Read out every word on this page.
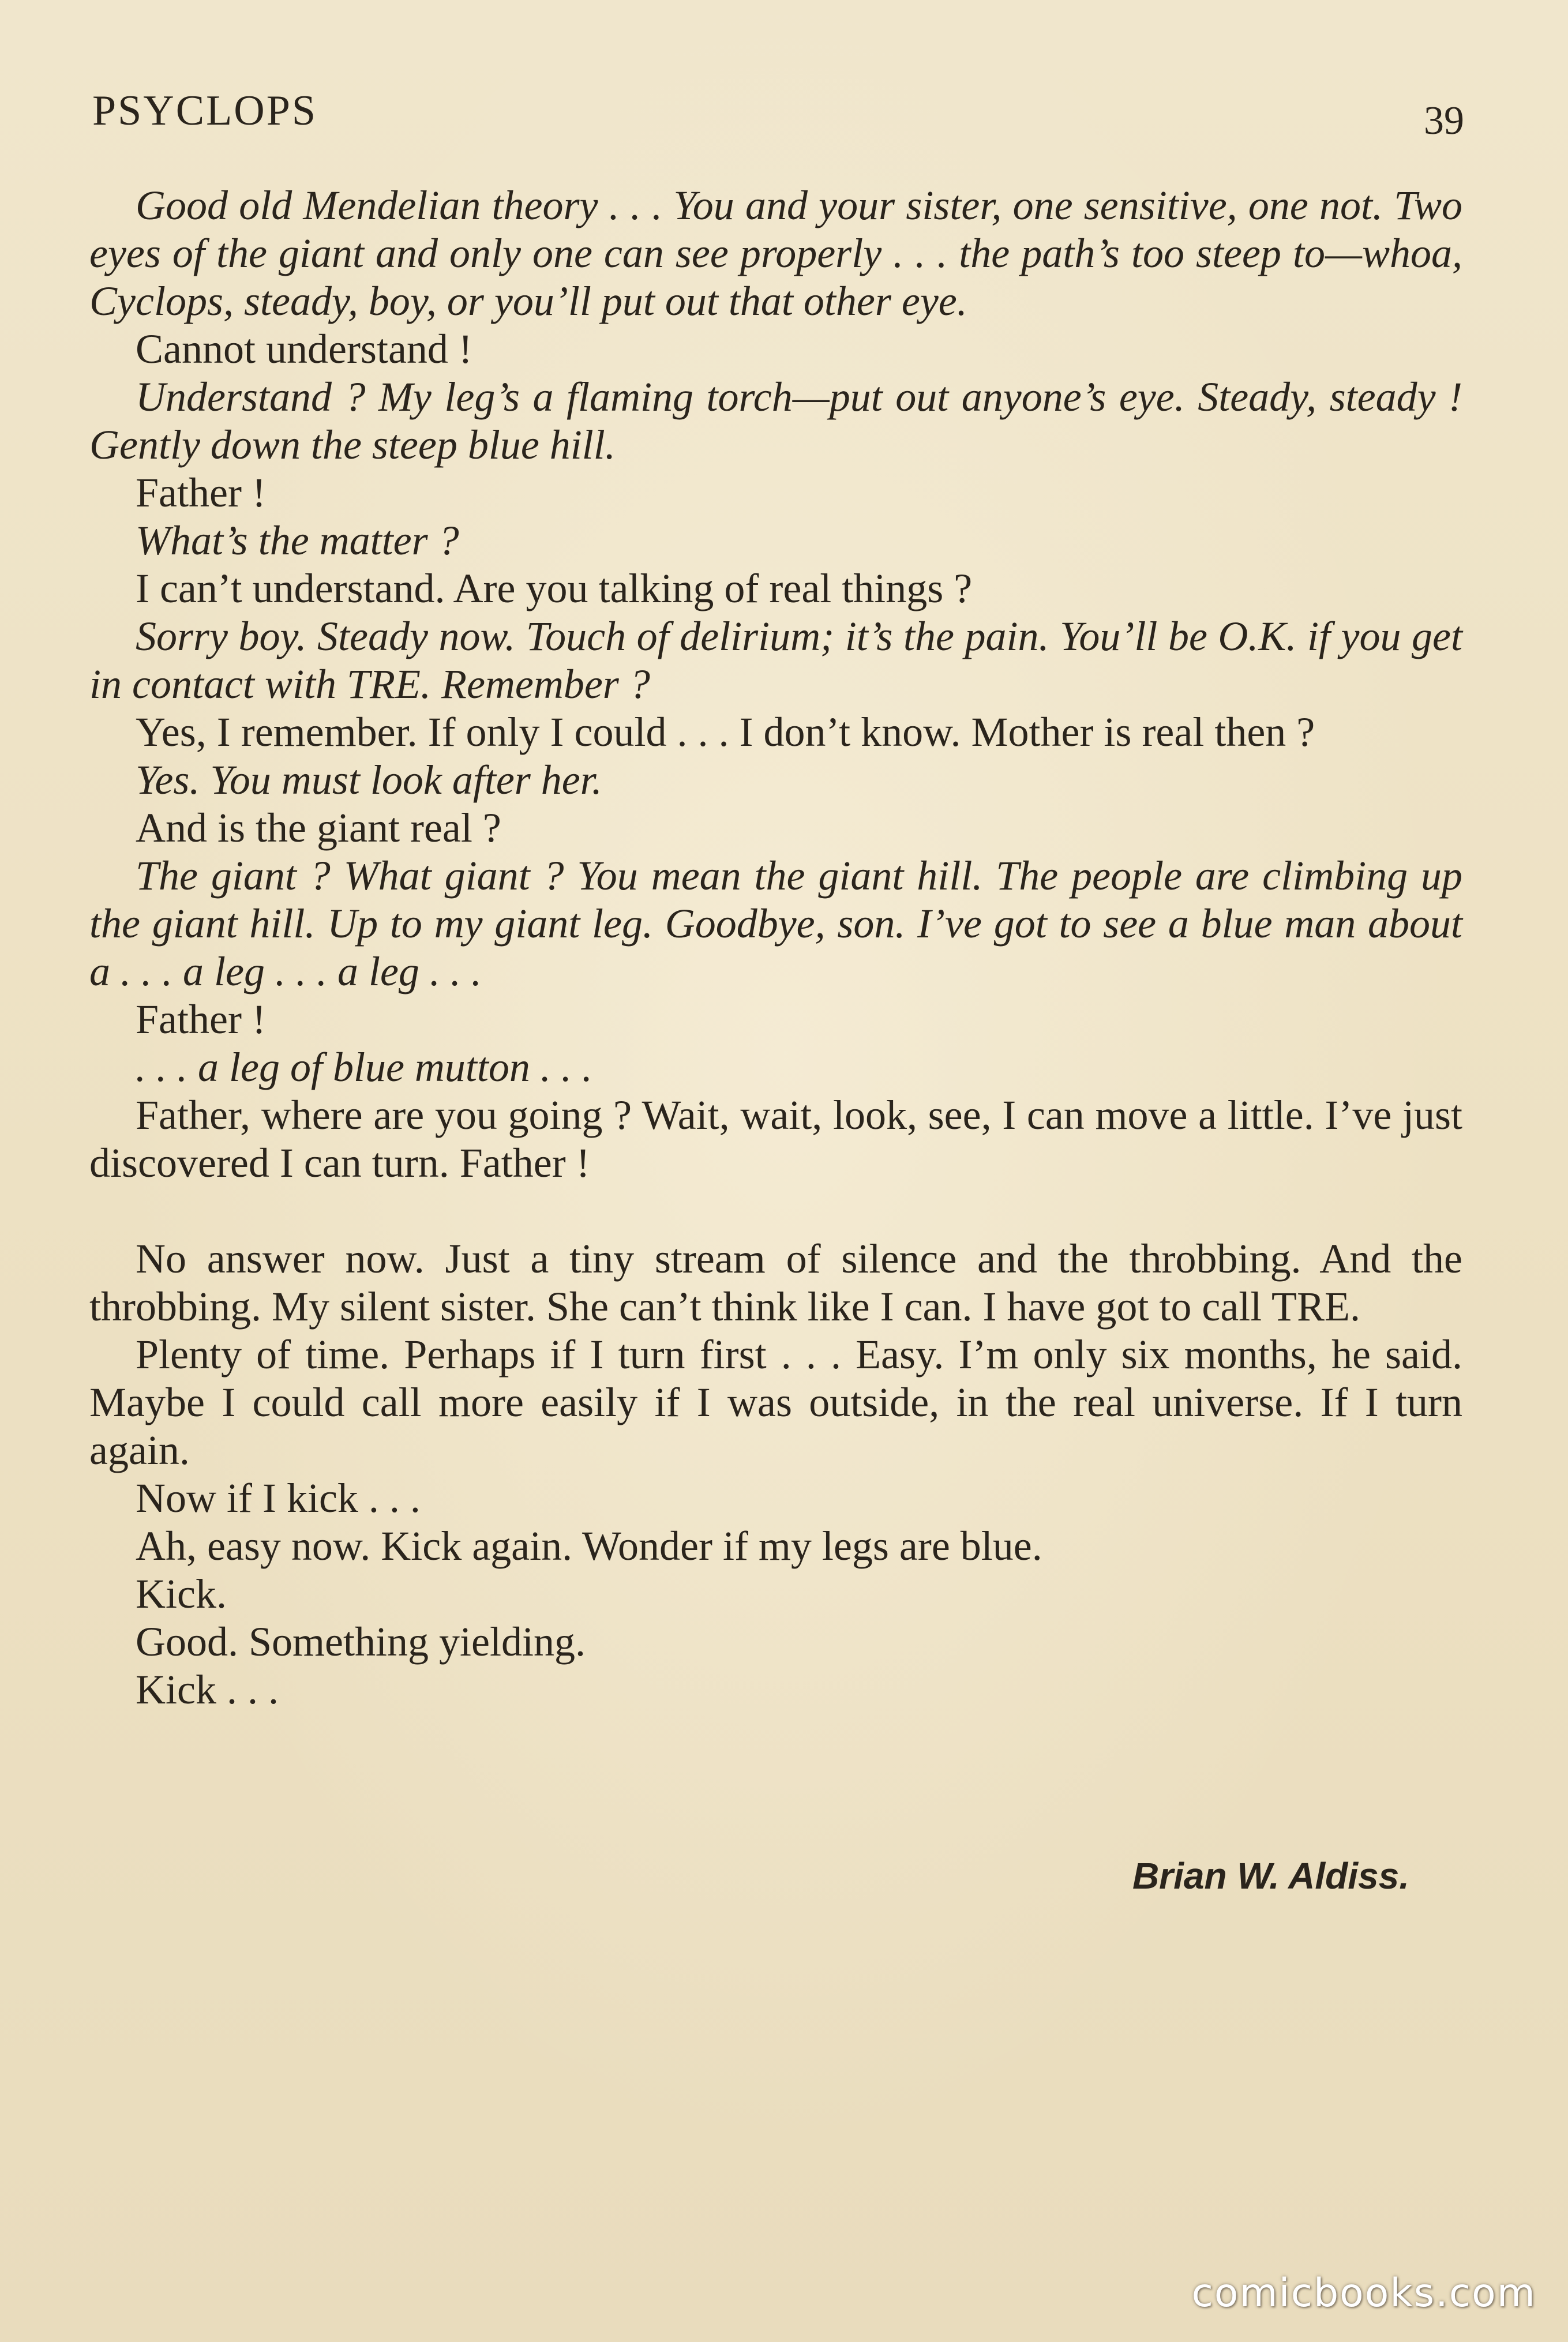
PSYCLOPS	39

Good old Mendelian theory . . . You and your sister, one sensitive, one not. Two eyes of the giant and only one can see properly . . . the path’s too steep to—whoa, Cyclops, steady, boy, or you’ll put out that other eye.

Cannot understand !

Understand ? My leg’s a flaming torch—put out anyone’s eye. Steady, steady ! Gently down the steep blue hill.

Father !

What’s the matter ?

I can’t understand. Are you talking of real things ?

Sorry boy. Steady now. Touch of delirium; it’s the pain. You’ll be O.K. if you get in contact with TRE. Remember ?

Yes, I remember. If only I could . . . I don’t know. Mother is real then ?

Yes. You must look after her.

And is the giant real ?

The giant ? What giant ? You mean the giant hill. The people are climbing up the giant hill. Up to my giant leg. Goodbye, son. I’ve got to see a blue man about a . . . a leg . . . a leg . . .

Father !

. . . a leg of blue mutton . . .

Father, where are you going ? Wait, wait, look, see, I can move a little. I’ve just discovered I can turn. Father !

No answer now. Just a tiny stream of silence and the throbbing. And the throbbing. My silent sister. She can’t think like I can. I have got to call TRE.

Plenty of time. Perhaps if I turn first . . . Easy. I’m only six months, he said. Maybe I could call more easily if I was outside, in the real universe. If I turn again.

Now if I kick . . .

Ah, easy now. Kick again. Wonder if my legs are blue.

Kick.

Good. Something yielding.

Kick . . .

Brian W. Aldiss.
comicbooks.com
